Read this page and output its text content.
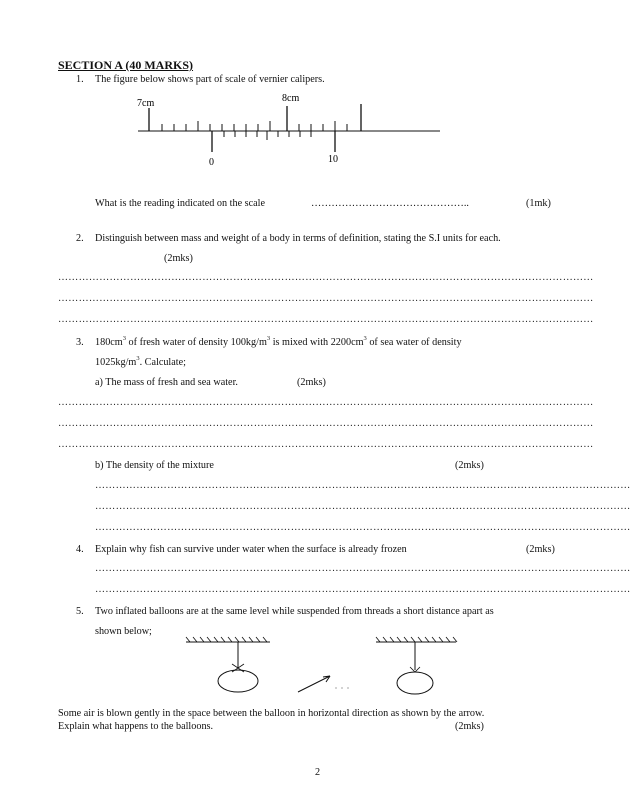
SECTION A (40 MARKS)
1. The figure below shows part of scale of vernier calipers.
7cm	8cm
0	10
What is the reading indicated on the scale	………………………………………..	(1mk)
2. Distinguish between mass and weight of a body in terms of definition, stating the S.I units for each.
(2mks)
…………………………………………………………………………………………………………………………………………
…………………………………………………………………………………………………………………………………………
…………………………………………………………………………………………………………………………………………
3. $180cm^3$ of fresh water of density $100kg/m^3$ is mixed with $2200cm^3$ of sea water of density
$1025kg/m^3$. Calculate;
a) The mass of fresh and sea water.	(2mks)
…………………………………………………………………………………………………………………………………………
…………………………………………………………………………………………………………………………………………
…………………………………………………………………………………………………………………………………………
b) The density of the mixture	(2mks)
…………………………………………………………………………………………………………………………………………
…………………………………………………………………………………………………………………………………………
…………………………………………………………………………………………………………………………………………
4. Explain why fish can survive under water when the surface is already frozen	(2mks)
…………………………………………………………………………………………………………………………………………
…………………………………………………………………………………………………………………………………………
5. Two inflated balloons are at the same level while suspended from threads a short distance apart as
shown below;
Some air is blown gently in the space between the balloon in horizontal direction as shown by the arrow.
Explain what happens to the balloons.	(2mks)
2
